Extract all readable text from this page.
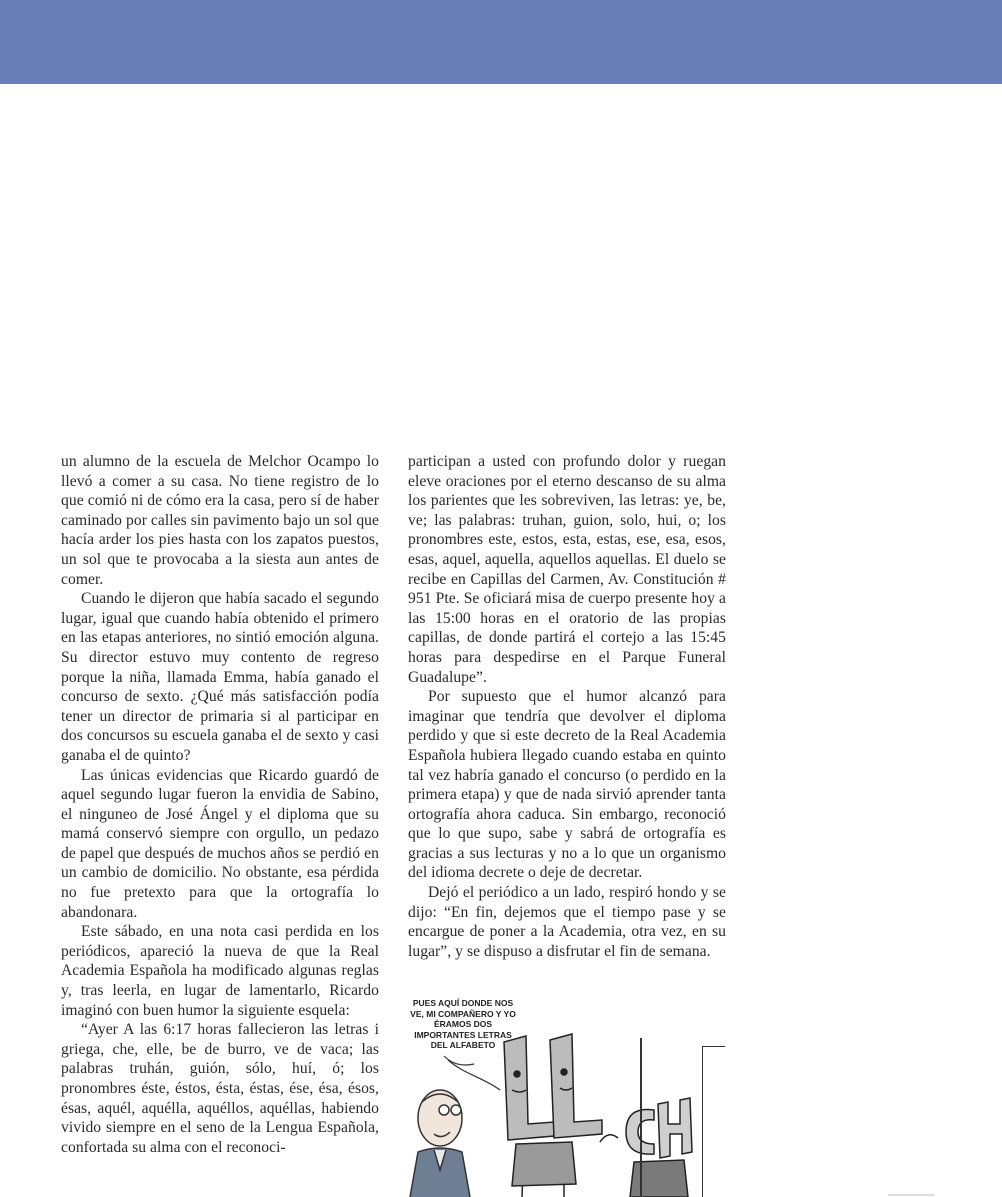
un alumno de la escuela de Melchor Ocampo lo llevó a comer a su casa. No tiene registro de lo que comió ni de cómo era la casa, pero sí de haber caminado por calles sin pavimento bajo un sol que hacía arder los pies hasta con los zapatos puestos, un sol que te provocaba a la siesta aun antes de comer.

Cuando le dijeron que había sacado el segundo lugar, igual que cuando había obtenido el primero en las etapas anteriores, no sintió emoción alguna. Su director estuvo muy contento de regreso porque la niña, llamada Emma, había ganado el concurso de sexto. ¿Qué más satisfacción podía tener un director de primaria si al participar en dos concursos su escuela ganaba el de sexto y casi ganaba el de quinto?

Las únicas evidencias que Ricardo guardó de aquel segundo lugar fueron la envidia de Sabino, el ninguneo de José Ángel y el diploma que su mamá conservó siempre con orgullo, un pedazo de papel que después de muchos años se perdió en un cambio de domicilio. No obstante, esa pérdida no fue pretexto para que la ortografía lo abandonara.

Este sábado, en una nota casi perdida en los periódicos, apareció la nueva de que la Real Academia Española ha modificado algunas reglas y, tras leerla, en lugar de lamentarlo, Ricardo imaginó con buen humor la siguiente esquela:

“Ayer A las 6:17 horas fallecieron las letras i griega, che, elle, be de burro, ve de vaca; las palabras truhán, guión, sólo, huí, ó; los pronombres éste, éstos, ésta, éstas, ése, ésa, ésos, ésas, aquél, aquélla, aquéllos, aquéllas, habiendo vivido siempre en el seno de la Lengua Española, confortada su alma con el reconoci-

participan a usted con profundo dolor y ruegan eleve oraciones por el eterno descanso de su alma los parientes que les sobreviven, las letras: ye, be, ve; las palabras: truhan, guion, solo, hui, o; los pronombres este, estos, esta, estas, ese, esa, esos, esas, aquel, aquella, aquellos aquellas. El duelo se recibe en Capillas del Carmen, Av. Constitución # 951 Pte. Se oficiará misa de cuerpo presente hoy a las 15:00 horas en el oratorio de las propias capillas, de donde partirá el cortejo a las 15:45 horas para despedirse en el Parque Funeral Guadalupe”.

Por supuesto que el humor alcanzó para imaginar que tendría que devolver el diploma perdido y que si este decreto de la Real Academia Española hubiera llegado cuando estaba en quinto tal vez habría ganado el concurso (o perdido en la primera etapa) y que de nada sirvió aprender tanta ortografía ahora caduca. Sin embargo, reconoció que lo que supo, sabe y sabrá de ortografía es gracias a sus lecturas y no a lo que un organismo del idioma decrete o deje de decretar.

Dejó el periódico a un lado, respiró hondo y se dijo: “En fin, dejemos que el tiempo pase y se encargue de poner a la Academia, otra vez, en su lugar”, y se dispuso a disfrutar el fin de semana.

PUES AQUÍ DONDE NOS VE, MI COMPAÑERO Y YO ÉRAMOS DOS IMPORTANTES LETRAS DEL ALFABETO
